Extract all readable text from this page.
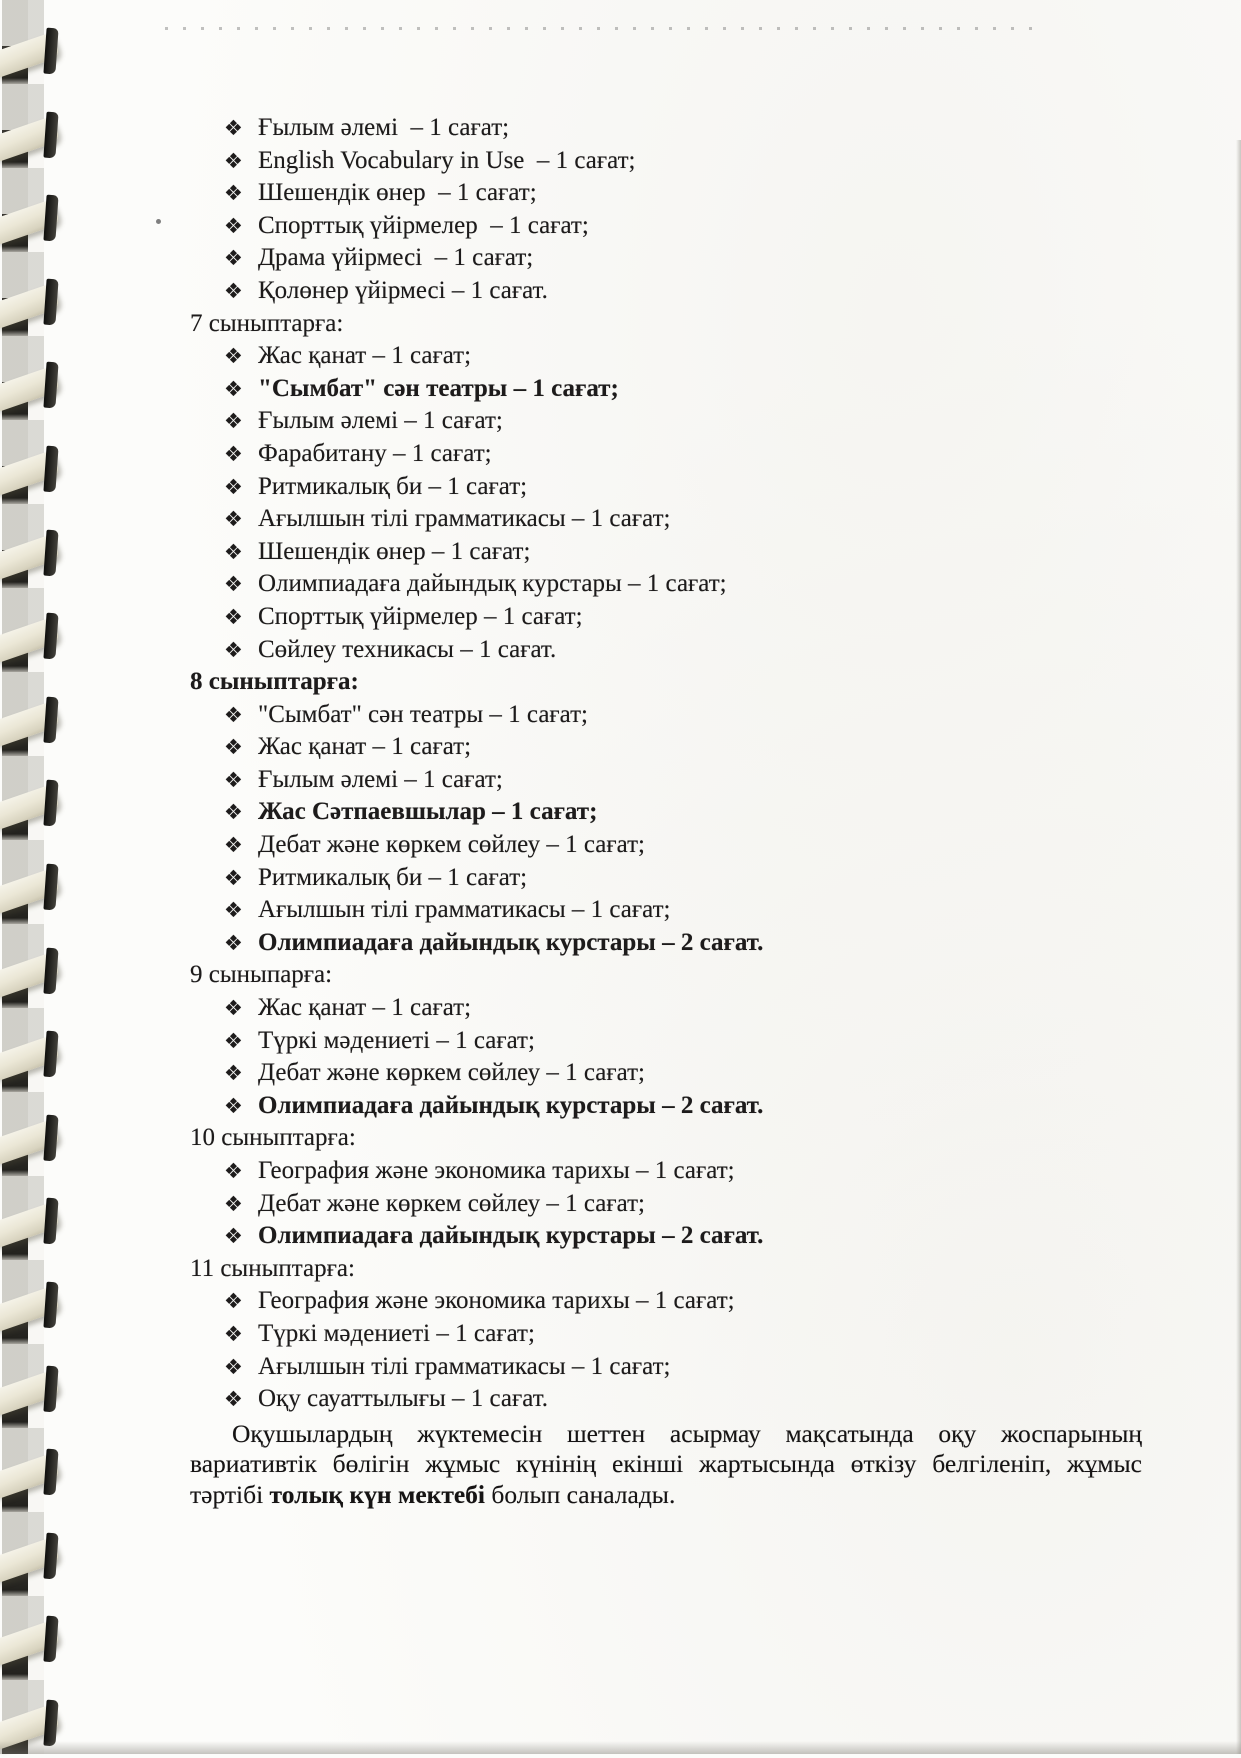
❖ Ғылым әлемі  – 1 сағат;
❖ English Vocabulary in Use  – 1 сағат;
❖ Шешендік өнер  – 1 сағат;
❖ Спорттық үйірмелер  – 1 сағат;
❖ Драма үйірмесі  – 1 сағат;
❖ Қолөнер үйірмесі – 1 сағат.
7 сыныптарға:
❖ Жас қанат – 1 сағат;
❖ "Сымбат" сән театры – 1 сағат;
❖ Ғылым әлемі – 1 сағат;
❖ Фарабитану – 1 сағат;
❖ Ритмикалық би – 1 сағат;
❖ Ағылшын тілі грамматикасы – 1 сағат;
❖ Шешендік өнер – 1 сағат;
❖ Олимпиадаға дайындық курстары – 1 сағат;
❖ Спорттық үйірмелер – 1 сағат;
❖ Сөйлеу техникасы – 1 сағат.
8 сыныптарға:
❖ "Сымбат" сән театры – 1 сағат;
❖ Жас қанат – 1 сағат;
❖ Ғылым әлемі – 1 сағат;
❖ Жас Сәтпаевшылар – 1 сағат;
❖ Дебат және көркем сөйлеу – 1 сағат;
❖ Ритмикалық би – 1 сағат;
❖ Ағылшын тілі грамматикасы – 1 сағат;
❖ Олимпиадаға дайындық курстары – 2 сағат.
9 сыныпарға:
❖ Жас қанат – 1 сағат;
❖ Түркі мәдениеті – 1 сағат;
❖ Дебат және көркем сөйлеу – 1 сағат;
❖ Олимпиадаға дайындық курстары – 2 сағат.
10 сыныптарға:
❖ География және экономика тарихы – 1 сағат;
❖ Дебат және көркем сөйлеу – 1 сағат;
❖ Олимпиадаға дайындық курстары – 2 сағат.
11 сыныптарға:
❖ География және экономика тарихы – 1 сағат;
❖ Түркі мәдениеті – 1 сағат;
❖ Ағылшын тілі грамматикасы – 1 сағат;
❖ Оқу сауаттылығы – 1 сағат.
Оқушылардың жүктемесін шеттен асырмау мақсатында оқу жоспарының вариативтік бөлігін жұмыс күнінің екінші жартысында өткізу белгіленіп, жұмыс тәртібі толық күн мектебі болып саналады.
